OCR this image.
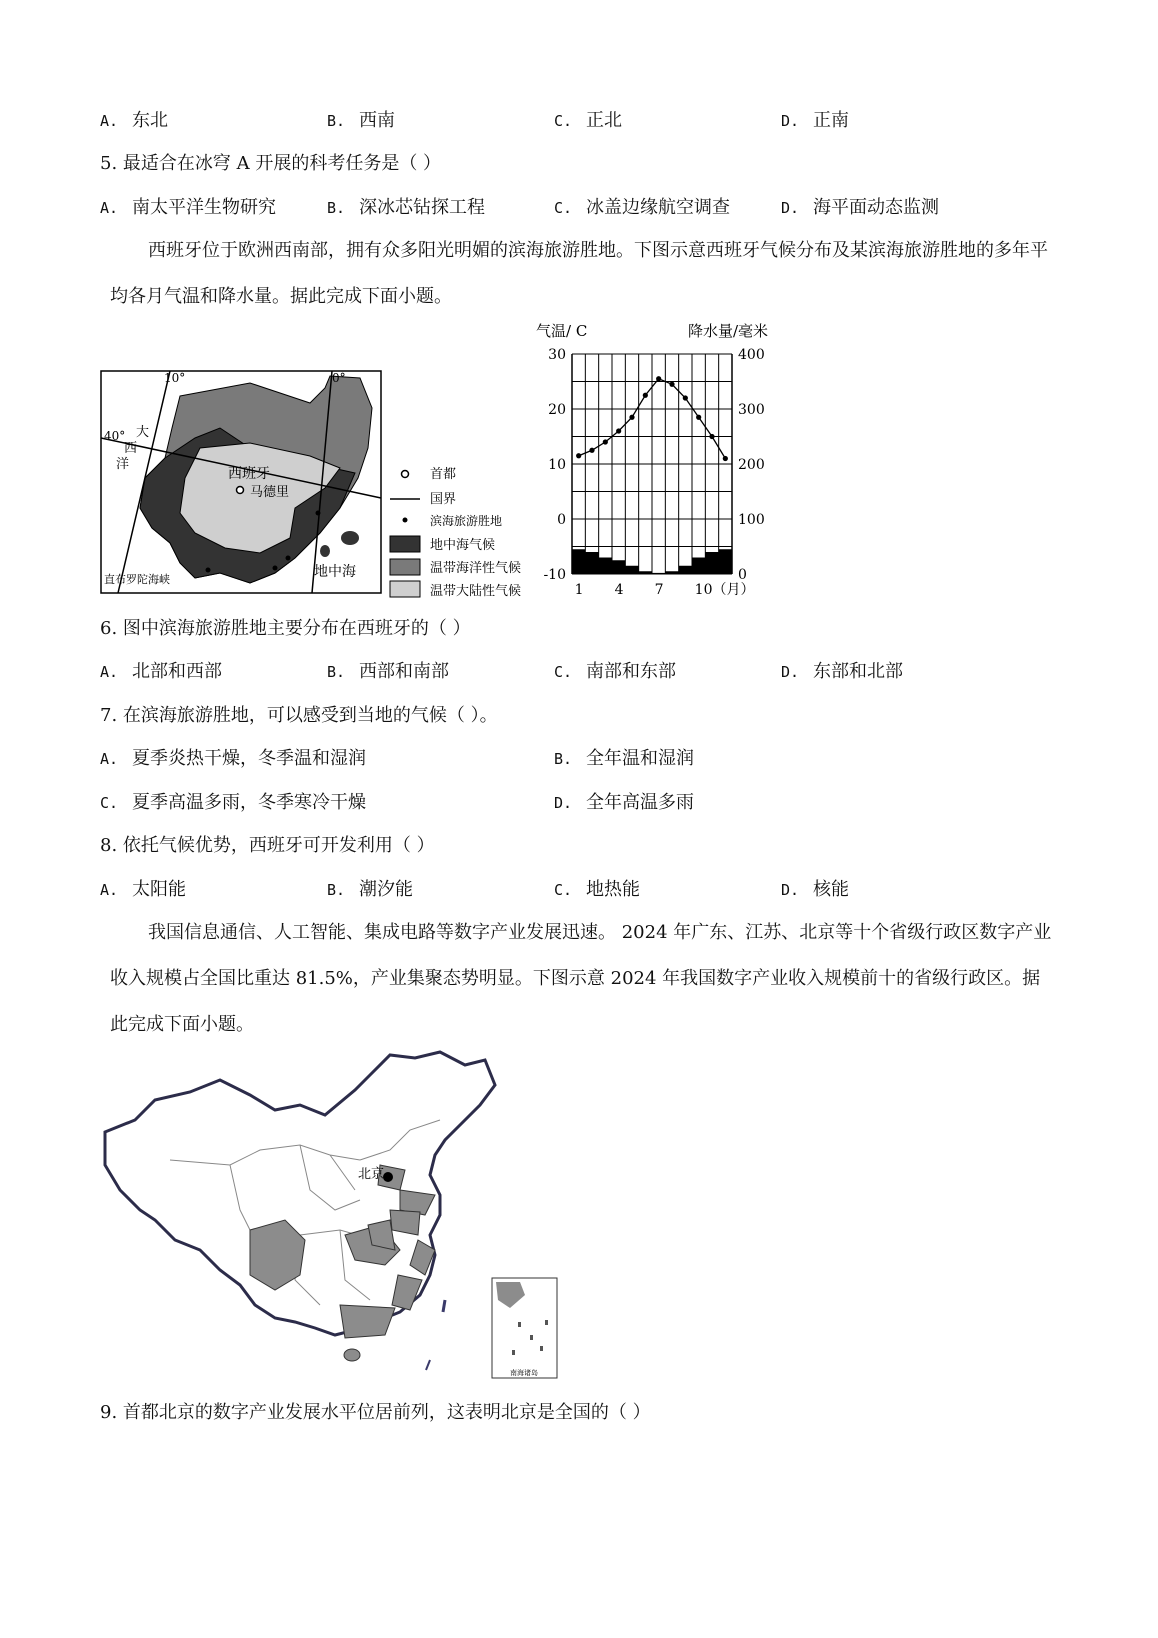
A. 东北	B. 西南	C. 正北	D. 正南
5. 最适合在冰穹 A 开展的科考任务是（ ）
A. 南太平洋生物研究	B. 深冰芯钻探工程	C. 冰盖边缘航空调查	D. 海平面动态监测
西班牙位于欧洲西南部，拥有众多阳光明媚的滨海旅游胜地。下图示意西班牙气候分布及某滨海旅游胜地的多年平均各月气温和降水量。据此完成下面小题。
10°	0°
40° 大
西
洋
西班牙
马德里
地中海
直布罗陀海峡
首都
国界
滨海旅游胜地
地中海气候
温带海洋性气候
温带大陆性气候
气温/ C	降水量/毫米
30
20
10
0
-10
400
300
200
100
0
1 4 7 10（月）
6. 图中滨海旅游胜地主要分布在西班牙的（ ）
A. 北部和西部	B. 西部和南部	C. 南部和东部	D. 东部和北部
7. 在滨海旅游胜地，可以感受到当地的气候（ ）。
A. 夏季炎热干燥，冬季温和湿润	B. 全年温和湿润
C. 夏季高温多雨，冬季寒冷干燥	D. 全年高温多雨
8. 依托气候优势，西班牙可开发利用（ ）
A. 太阳能	B. 潮汐能	C. 地热能	D. 核能
我国信息通信、人工智能、集成电路等数字产业发展迅速。 2024 年广东、江苏、北京等十个省级行政区数字产业收入规模占全国比重达 81.5%，产业集聚态势明显。下图示意 2024 年我国数字产业收入规模前十的省级行政区。据此完成下面小题。
北京
南海诸岛
9. 首都北京的数字产业发展水平位居前列，这表明北京是全国的（ ）
